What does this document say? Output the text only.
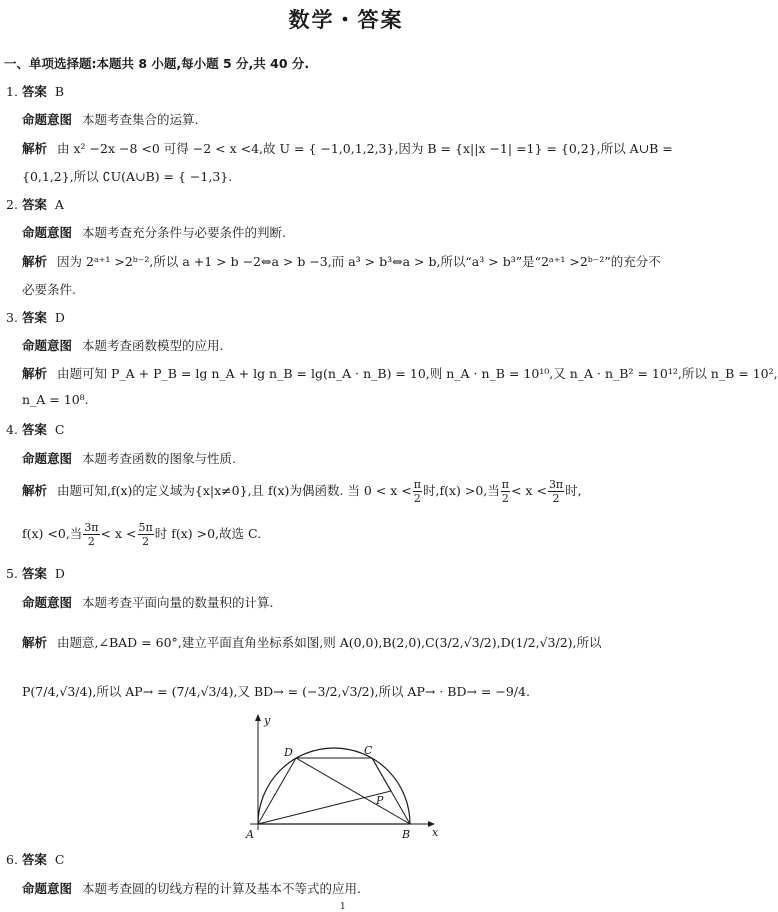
数学・答案
一、单项选择题:本题共 8 小题,每小题 5 分,共 40 分.
1. 答案 B
命题意图 本题考查集合的运算.
解析 由 x² −2x −8 <0 可得 −2 < x <4,故 U = { −1,0,1,2,3},因为 B = {x||x −1| =1} = {0,2},所以 A∪B =
{0,1,2},所以 ∁U(A∪B) = { −1,3}.
2. 答案 A
命题意图 本题考查充分条件与必要条件的判断.
解析 因为 2ᵃ⁺¹ >2ᵇ⁻²,所以 a +1 > b −2⇔a > b −3,而 a³ > b³⇔a > b,所以“a³ > b³”是“2ᵃ⁺¹ >2ᵇ⁻²”的充分不
必要条件.
3. 答案 D
命题意图 本题考查函数模型的应用.
解析 由题可知 P_A + P_B = lg n_A + lg n_B = lg(n_A · n_B) = 10,则 n_A · n_B = 10¹⁰,又 n_A · n_B² = 10¹²,所以 n_B = 10²,
n_A = 10⁸.
4. 答案 C
命题意图 本题考查函数的图象与性质.
解析 由题可知,f(x)的定义域为{x|x≠0},且 f(x)为偶函数. 当 $0 < x < \frac{\pi}{2}$ 时,f(x) >0,当 $\frac{\pi}{2} < x < \frac{3\pi}{2}$ 时,
f(x) <0,当 $\frac{3\pi}{2} < x < \frac{5\pi}{2}$ 时 f(x) >0,故选 C.
5. 答案 D
命题意图 本题考查平面向量的数量积的计算.
解析 由题意,∠BAD = 60°,建立平面直角坐标系如图,则 A(0,0),B(2,0),C(3/2,√3/2),D(1/2,√3/2),所以
P(7/4,√3/4),所以 AP→ = (7/4,√3/4),又 BD→ = (−3/2,√3/2),所以 AP→ · BD→ = −9/4.
y
x
A	B
C
D
P
6. 答案 C
命题意图 本题考查圆的切线方程的计算及基本不等式的应用.
1
